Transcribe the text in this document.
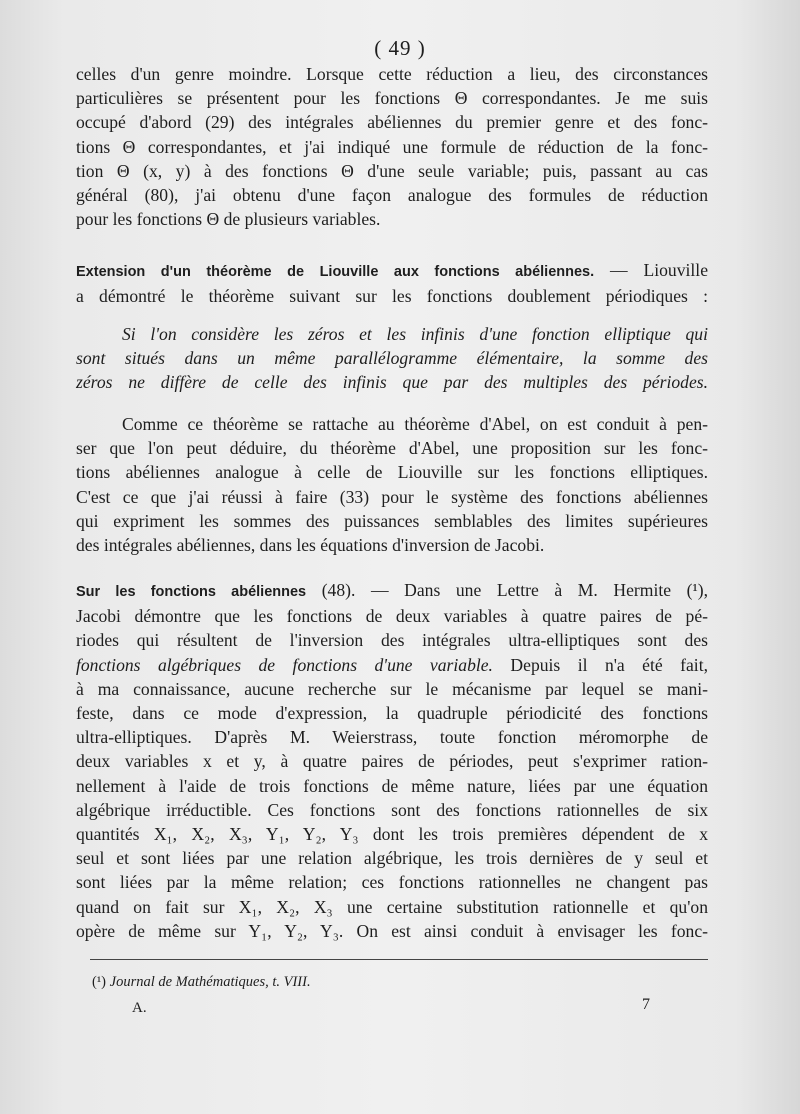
( 49 )
celles d'un genre moindre. Lorsque cette réduction a lieu, des circonstances
particulières se présentent pour les fonctions Θ correspondantes. Je me suis
occupé d'abord (29) des intégrales abéliennes du premier genre et des fonc-
tions Θ correspondantes, et j'ai indiqué une formule de réduction de la fonc-
tion Θ (x, y) à des fonctions Θ d'une seule variable; puis, passant au cas
général (80), j'ai obtenu d'une façon analogue des formules de réduction
pour les fonctions Θ de plusieurs variables.
Extension d'un théorème de Liouville aux fonctions abéliennes. — Liouville
a démontré le théorème suivant sur les fonctions doublement périodiques :
Si l'on considère les zéros et les infinis d'une fonction elliptique qui
sont situés dans un même parallélogramme élémentaire, la somme des
zéros ne diffère de celle des infinis que par des multiples des périodes.
Comme ce théorème se rattache au théorème d'Abel, on est conduit à pen-
ser que l'on peut déduire, du théorème d'Abel, une proposition sur les fonc-
tions abéliennes analogue à celle de Liouville sur les fonctions elliptiques.
C'est ce que j'ai réussi à faire (33) pour le système des fonctions abéliennes
qui expriment les sommes des puissances semblables des limites supérieures
des intégrales abéliennes, dans les équations d'inversion de Jacobi.
Sur les fonctions abéliennes (48). — Dans une Lettre à M. Hermite (¹),
Jacobi démontre que les fonctions de deux variables à quatre paires de pé-
riodes qui résultent de l'inversion des intégrales ultra-elliptiques sont des
fonctions algébriques de fonctions d'une variable. Depuis il n'a été fait,
à ma connaissance, aucune recherche sur le mécanisme par lequel se mani-
feste, dans ce mode d'expression, la quadruple périodicité des fonctions
ultra-elliptiques. D'après M. Weierstrass, toute fonction méromorphe de
deux variables x et y, à quatre paires de périodes, peut s'exprimer ration-
nellement à l'aide de trois fonctions de même nature, liées par une équation
algébrique irréductible. Ces fonctions sont des fonctions rationnelles de six
quantités X₁, X₂, X₃, Y₁, Y₂, Y₃ dont les trois premières dépendent de x
seul et sont liées par une relation algébrique, les trois dernières de y seul et
sont liées par la même relation; ces fonctions rationnelles ne changent pas
quand on fait sur X₁, X₂, X₃ une certaine substitution rationnelle et qu'on
opère de même sur Y₁, Y₂, Y₃. On est ainsi conduit à envisager les fonc-
(¹) Journal de Mathématiques, t. VIII.
A.	7
